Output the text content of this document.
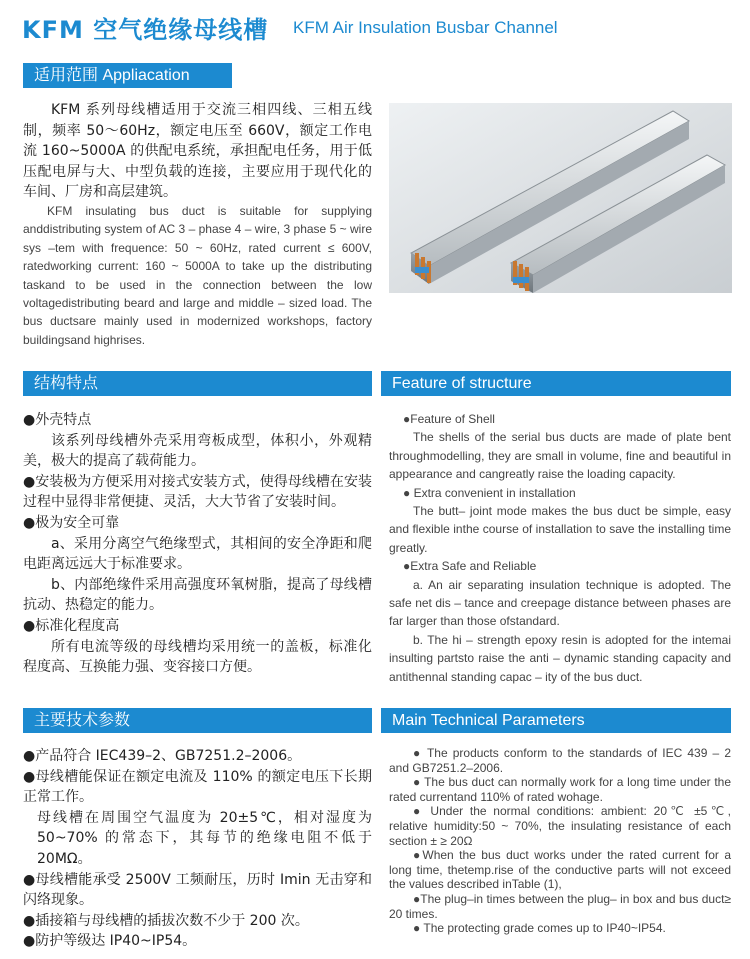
KFM 空气绝缘母线槽 KFM Air Insulation Busbar Channel
适用范围 Appliacation

KFM 系列母线槽适用于交流三相四线、三相五线制，频率 50～60Hz，额定电压至 660V，额定工作电流 160~5000A 的供配电系统，承担配电任务，用于低压配电屏与大、中型负载的连接，主要应用于现代化的车间、厂房和高层建筑。

KFM insulating bus duct is suitable for supplying anddistributing system of AC 3 – phase 4 – wire, 3 phase 5 ~ wire sys –tem with frequence: 50 ~ 60Hz, rated current ≤ 600V, ratedworking current: 160 ~ 5000A to take up the distributing taskand to be used in the connection between the low voltagedistributing beard and large and middle – sized load. The bus ductsare mainly used in modernized workshops, factory buildingsand highrises.

结构特点	Feature of structure

●外壳特点

该系列母线槽外壳采用弯板成型，体积小，外观精美，极大的提高了载荷能力。

●安装极为方便采用对接式安装方式，使得母线槽在安装过程中显得非常便捷、灵活，大大节省了安装时间。

●极为安全可靠

a、采用分离空气绝缘型式，其相间的安全净距和爬电距离远远大于标准要求。

b、内部绝缘件采用高强度环氧树脂，提高了母线槽抗动、热稳定的能力。

●标准化程度高

所有电流等级的母线槽均采用统一的盖板，标准化程度高、互换能力强、变容接口方便。

●Feature of Shell

The shells of the serial bus ducts are made of plate bent throughmodelling, they are small in volume, fine and beautiful in appearance and cangreatly raise the loading capacity.

● Extra convenient in installation

The butt– joint mode makes the bus duct be simple, easy and flexible inthe course of installation to save the installing time greatly.

●Extra Safe and Reliable

a. An air separating insulation technique is adopted. The safe net dis – tance and creepage distance between phases are far larger than those ofstandard.

b. The hi – strength epoxy resin is adopted for the intemai insulting partsto raise the anti – dynamic standing capacity and antithennal standing capac – ity of the bus duct.

主要技术参数	Main Technical Parameters

●产品符合 IEC439–2、GB7251.2–2006。

●母线槽能保证在额定电流及 110% 的额定电压下长期正常工作。

母线槽在周围空气温度为 20±5℃，相对湿度为 50~70% 的常态下，其每节的绝缘电阻不低于 20MΩ。

●母线槽能承受 2500V 工频耐压，历时 Imin 无击穿和闪络现象。

●插接箱与母线槽的插拔次数不少于 200 次。

●防护等级达 IP40~IP54。

● The products conform to the standards of IEC 439 – 2 and GB7251.2–2006.

● The bus duct can normally work for a long time under the rated currentand 110% of rated wohage.

● Under the normal conditions: ambient: 20℃ ±5℃, relative humidity:50 ~ 70%, the insulating resistance of each section ± ≥ 20Ω

●When the bus duct works under the rated current for a long time, thetemp.rise of the conductive parts will not exceed the values described inTable (1),

●The plug–in times between the plug– in box and bus duct≥ 20 times.

● The protecting grade comes up to IP40~IP54.
